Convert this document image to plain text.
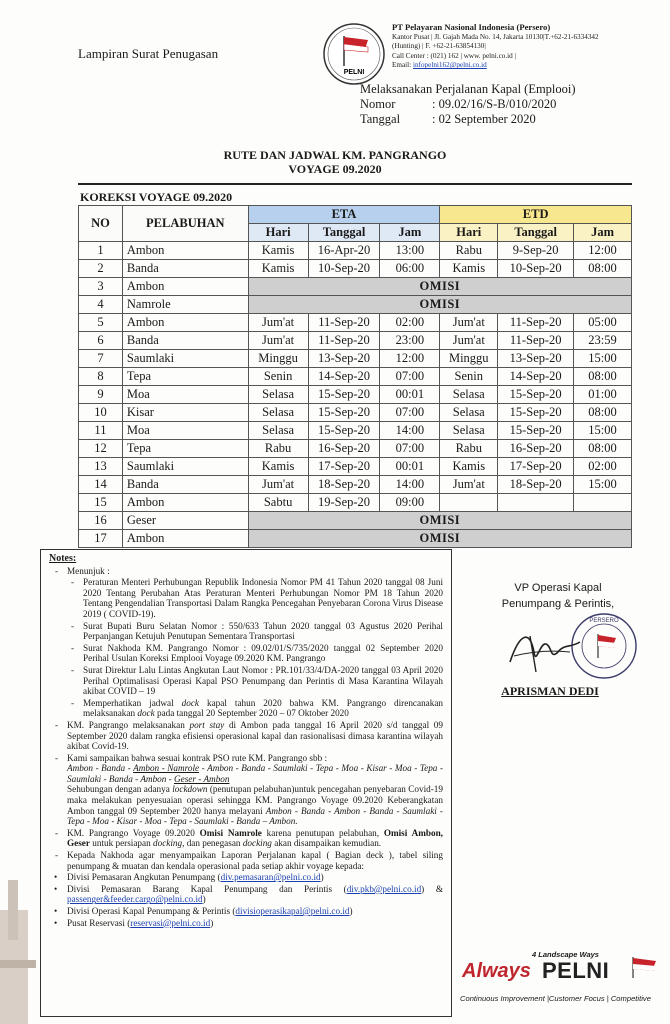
Lampiran Surat Penugasan
PELNI
PT Pelayaran Nasional Indonesia (Persero)
Kantor Pusat | Jl. Gajah Mada No. 14, Jakarta 10130|T.+62-21-6334342
(Hunting) | F. +62-21-63854130|
Call Center : (021) 162 | www. pelni.co.id |
Email: infopelni162@pelni.co.id
Melaksanakan Perjalanan Kapal (Emplooi)
Nomor	: 09.02/16/S-B/010/2020
Tanggal	: 02 September 2020
RUTE DAN JADWAL KM. PANGRANGO
VOYAGE 09.2020
KOREKSI VOYAGE 09.2020
NO	PELABUHAN	ETA			ETD		
		Hari	Tanggal	Jam	Hari	Tanggal	Jam
1	Ambon	Kamis	16-Apr-20	13:00	Rabu	9-Sep-20	12:00
2	Banda	Kamis	10-Sep-20	06:00	Kamis	10-Sep-20	08:00
3	Ambon	OMISI					
4	Namrole	OMISI					
5	Ambon	Jum'at	11-Sep-20	02:00	Jum'at	11-Sep-20	05:00
6	Banda	Jum'at	11-Sep-20	23:00	Jum'at	11-Sep-20	23:59
7	Saumlaki	Minggu	13-Sep-20	12:00	Minggu	13-Sep-20	15:00
8	Tepa	Senin	14-Sep-20	07:00	Senin	14-Sep-20	08:00
9	Moa	Selasa	15-Sep-20	00:01	Selasa	15-Sep-20	01:00
10	Kisar	Selasa	15-Sep-20	07:00	Selasa	15-Sep-20	08:00
11	Moa	Selasa	15-Sep-20	14:00	Selasa	15-Sep-20	15:00
12	Tepa	Rabu	16-Sep-20	07:00	Rabu	16-Sep-20	08:00
13	Saumlaki	Kamis	17-Sep-20	00:01	Kamis	17-Sep-20	02:00
14	Banda	Jum'at	18-Sep-20	14:00	Jum'at	18-Sep-20	15:00
15	Ambon	Sabtu	19-Sep-20	09:00			
16	Geser	OMISI					
17	Ambon	OMISI					
Notes:
- Menunjuk :
- Peraturan Menteri Perhubungan Republik Indonesia Nomor PM 41 Tahun 2020 tanggal 08 Juni 2020 Tentang Perubahan Atas Peraturan Menteri Perhubungan Nomor PM 18 Tahun 2020 Tentang Pengendalian Transportasi Dalam Rangka Pencegahan Penyebaran Corona Virus Disease 2019 ( COVID-19).
- Surat Bupati Buru Selatan Nomor : 550/633 Tahun 2020 tanggal 03 Agustus 2020 Perihal Perpanjangan Ketujuh Penutupan Sementara Transportasi
- Surat Nakhoda KM. Pangrango Nomor : 09.02/01/S/735/2020 tanggal 02 September 2020 Perihal Usulan Koreksi Emplooi Voyage 09.2020 KM. Pangrango
- Surat Direktur Lalu Lintas Angkutan Laut Nomor : PR.101/33/4/DA-2020 tanggal 03 April 2020 Perihal Optimalisasi Operasi Kapal PSO Penumpang dan Perintis di Masa Karantina Wilayah akibat COVID – 19
- Memperhatikan jadwal dock kapal tahun 2020 bahwa KM. Pangrango direncanakan melaksanakan dock pada tanggal 20 September 2020 – 07 Oktober 2020
- KM. Pangrango melaksanakan port stay di Ambon pada tanggal 16 April 2020 s/d tanggal 09 September 2020 dalam rangka efisiensi operasional kapal dan rasionalisasi dimasa karantina wilayah akibat Covid-19.
- Kami sampaikan bahwa sesuai kontrak PSO rute KM. Pangrango sbb :
Ambon - Banda - Ambon - Namrole - Ambon - Banda - Saumlaki - Tepa - Moa - Kisar - Moa - Tepa - Saumlaki - Banda - Ambon - Geser - Ambon
Sehubungan dengan adanya lockdown (penutupan pelabuhan)untuk pencegahan penyebaran Covid-19 maka melakukan penyesuaian operasi sehingga KM. Pangrango Voyage 09.2020 Keberangkatan Ambon tanggal 09 September 2020 hanya melayani Ambon - Banda - Ambon - Banda - Saumlaki - Tepa - Moa - Kisar - Moa - Tepa - Saumlaki - Banda – Ambon.
- KM. Pangrango Voyage 09.2020 Omisi Namrole karena penutupan pelabuhan, Omisi Ambon, Geser untuk persiapan docking, dan penegasan docking akan disampaikan kemudian.
- Kepada Nakhoda agar menyampaikan Laporan Perjalanan kapal ( Bagian deck ), tabel siling penumpang & muatan dan kendala operasional pada setiap akhir voyage kepada:
• Divisi Pemasaran Angkutan Penumpang (div.pemasaran@pelni.co.id)
• Divisi Pemasaran Barang Kapal Penumpang dan Perintis (div.pkb@pelni.co.id) & passenger&feeder.cargo@pelni.co.id)
• Divisi Operasi Kapal Penumpang & Perintis (divisioperasikapal@pelni.co.id)
• Pusat Reservasi (reservasi@pelni.co.id)
VP Operasi Kapal
Penumpang & Perintis,
PERSERO
APRISMAN DEDI
4 Landscape Ways
Always PELNI
Continuous Improvement |Customer Focus | Competitive
